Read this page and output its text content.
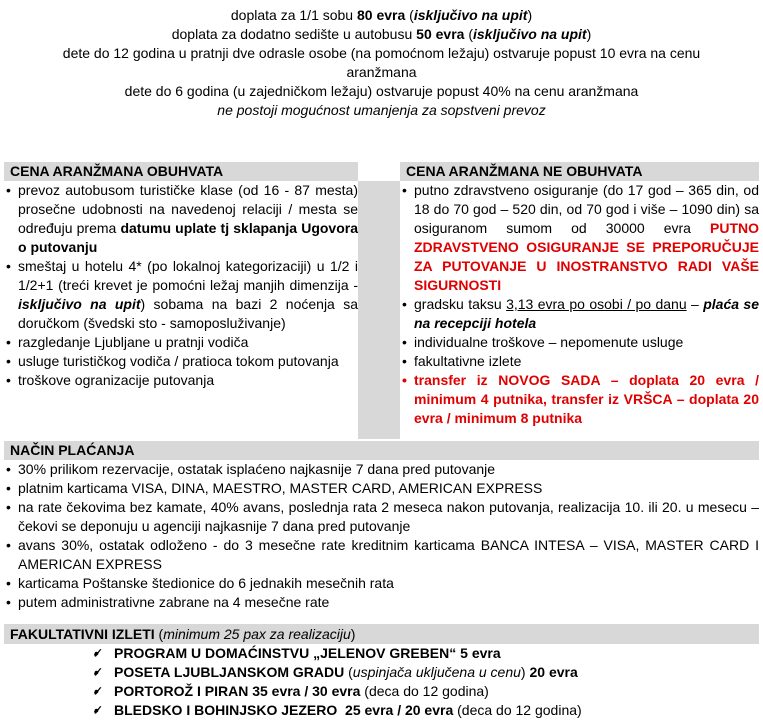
doplata za 1/1 sobu 80 evra (isključivo na upit)
doplata za dodatno sedište u autobusu 50 evra (isključivo na upit)
dete do 12 godina u pratnji dve odrasle osobe (na pomoćnom ležaju) ostvaruje popust 10 evra na cenu
aranžmana
dete do 6 godina (u zajedničkom ležaju) ostvaruje popust 40% na cenu aranžmana
ne postoji mogućnost umanjenja za sopstveni prevoz
CENA ARANŽMANA OBUHVATA
• prevoz autobusom turističke klase (od 16 - 87 mesta) prosečne udobnosti na navedenoj relaciji / mesta se određuju prema datumu uplate tj sklapanja Ugovora o putovanju
• smeštaj u hotelu 4* (po lokalnoj kategorizaciji) u 1/2 i 1/2+1 (treći krevet je pomoćni ležaj manjih dimenzija - isključivo na upit) sobama na bazi 2 noćenja sa doručkom (švedski sto - samoposluživanje)
• razgledanje Ljubljane u pratnji vodiča
• usluge turističkog vodiča / pratioca tokom putovanja
• troškove ogranizacije putovanja
CENA ARANŽMANA NE OBUHVATA
• putno zdravstveno osiguranje (do 17 god – 365 din, od 18 do 70 god – 520 din, od 70 god i više – 1090 din) sa osiguranom sumom od 30000 evra PUTNO ZDRAVSTVENO OSIGURANJE SE PREPORUČUJE ZA PUTOVANJE U INOSTRANSTVO RADI VAŠE SIGURNOSTI
• gradsku taksu 3,13 evra po osobi / po danu – plaća se na recepciji hotela
• individualne troškove – nepomenute usluge
• fakultativne izlete
• transfer iz NOVOG SADA – doplata 20 evra / minimum 4 putnika, transfer iz VRŠCA – doplata 20 evra / minimum 8 putnika
NAČIN PLAĆANJA
• 30% prilikom rezervacije, ostatak isplaćeno najkasnije 7 dana pred putovanje
• platnim karticama VISA, DINA, MAESTRO, MASTER CARD, AMERICAN EXPRESS
• na rate čekovima bez kamate, 40% avans, poslednja rata 2 meseca nakon putovanja, realizacija 10. ili 20. u mesecu – čekovi se deponuju u agenciji najkasnije 7 dana pred putovanje
• avans 30%, ostatak odloženo - do 3 mesečne rate kreditnim karticama BANCA INTESA – VISA, MASTER CARD I AMERICAN EXPRESS
• karticama Poštanske štedionice do 6 jednakih mesečnih rata
• putem administrativne zabrane na 4 mesečne rate
FAKULTATIVNI IZLETI (minimum 25 pax za realizaciju)
• ✓ PROGRAM U DOMAĆINSTVU „JELENOV GREBEN“ 5 evra
• ✓ POSETA LJUBLJANSKOM GRADU (uspinjača uključena u cenu) 20 evra
• ✓ PORTOROŽ I PIRAN 35 evra / 30 evra (deca do 12 godina)
• ✓ BLEDSKO I BOHINJSKO JEZERO  25 evra / 20 evra (deca do 12 godina)
